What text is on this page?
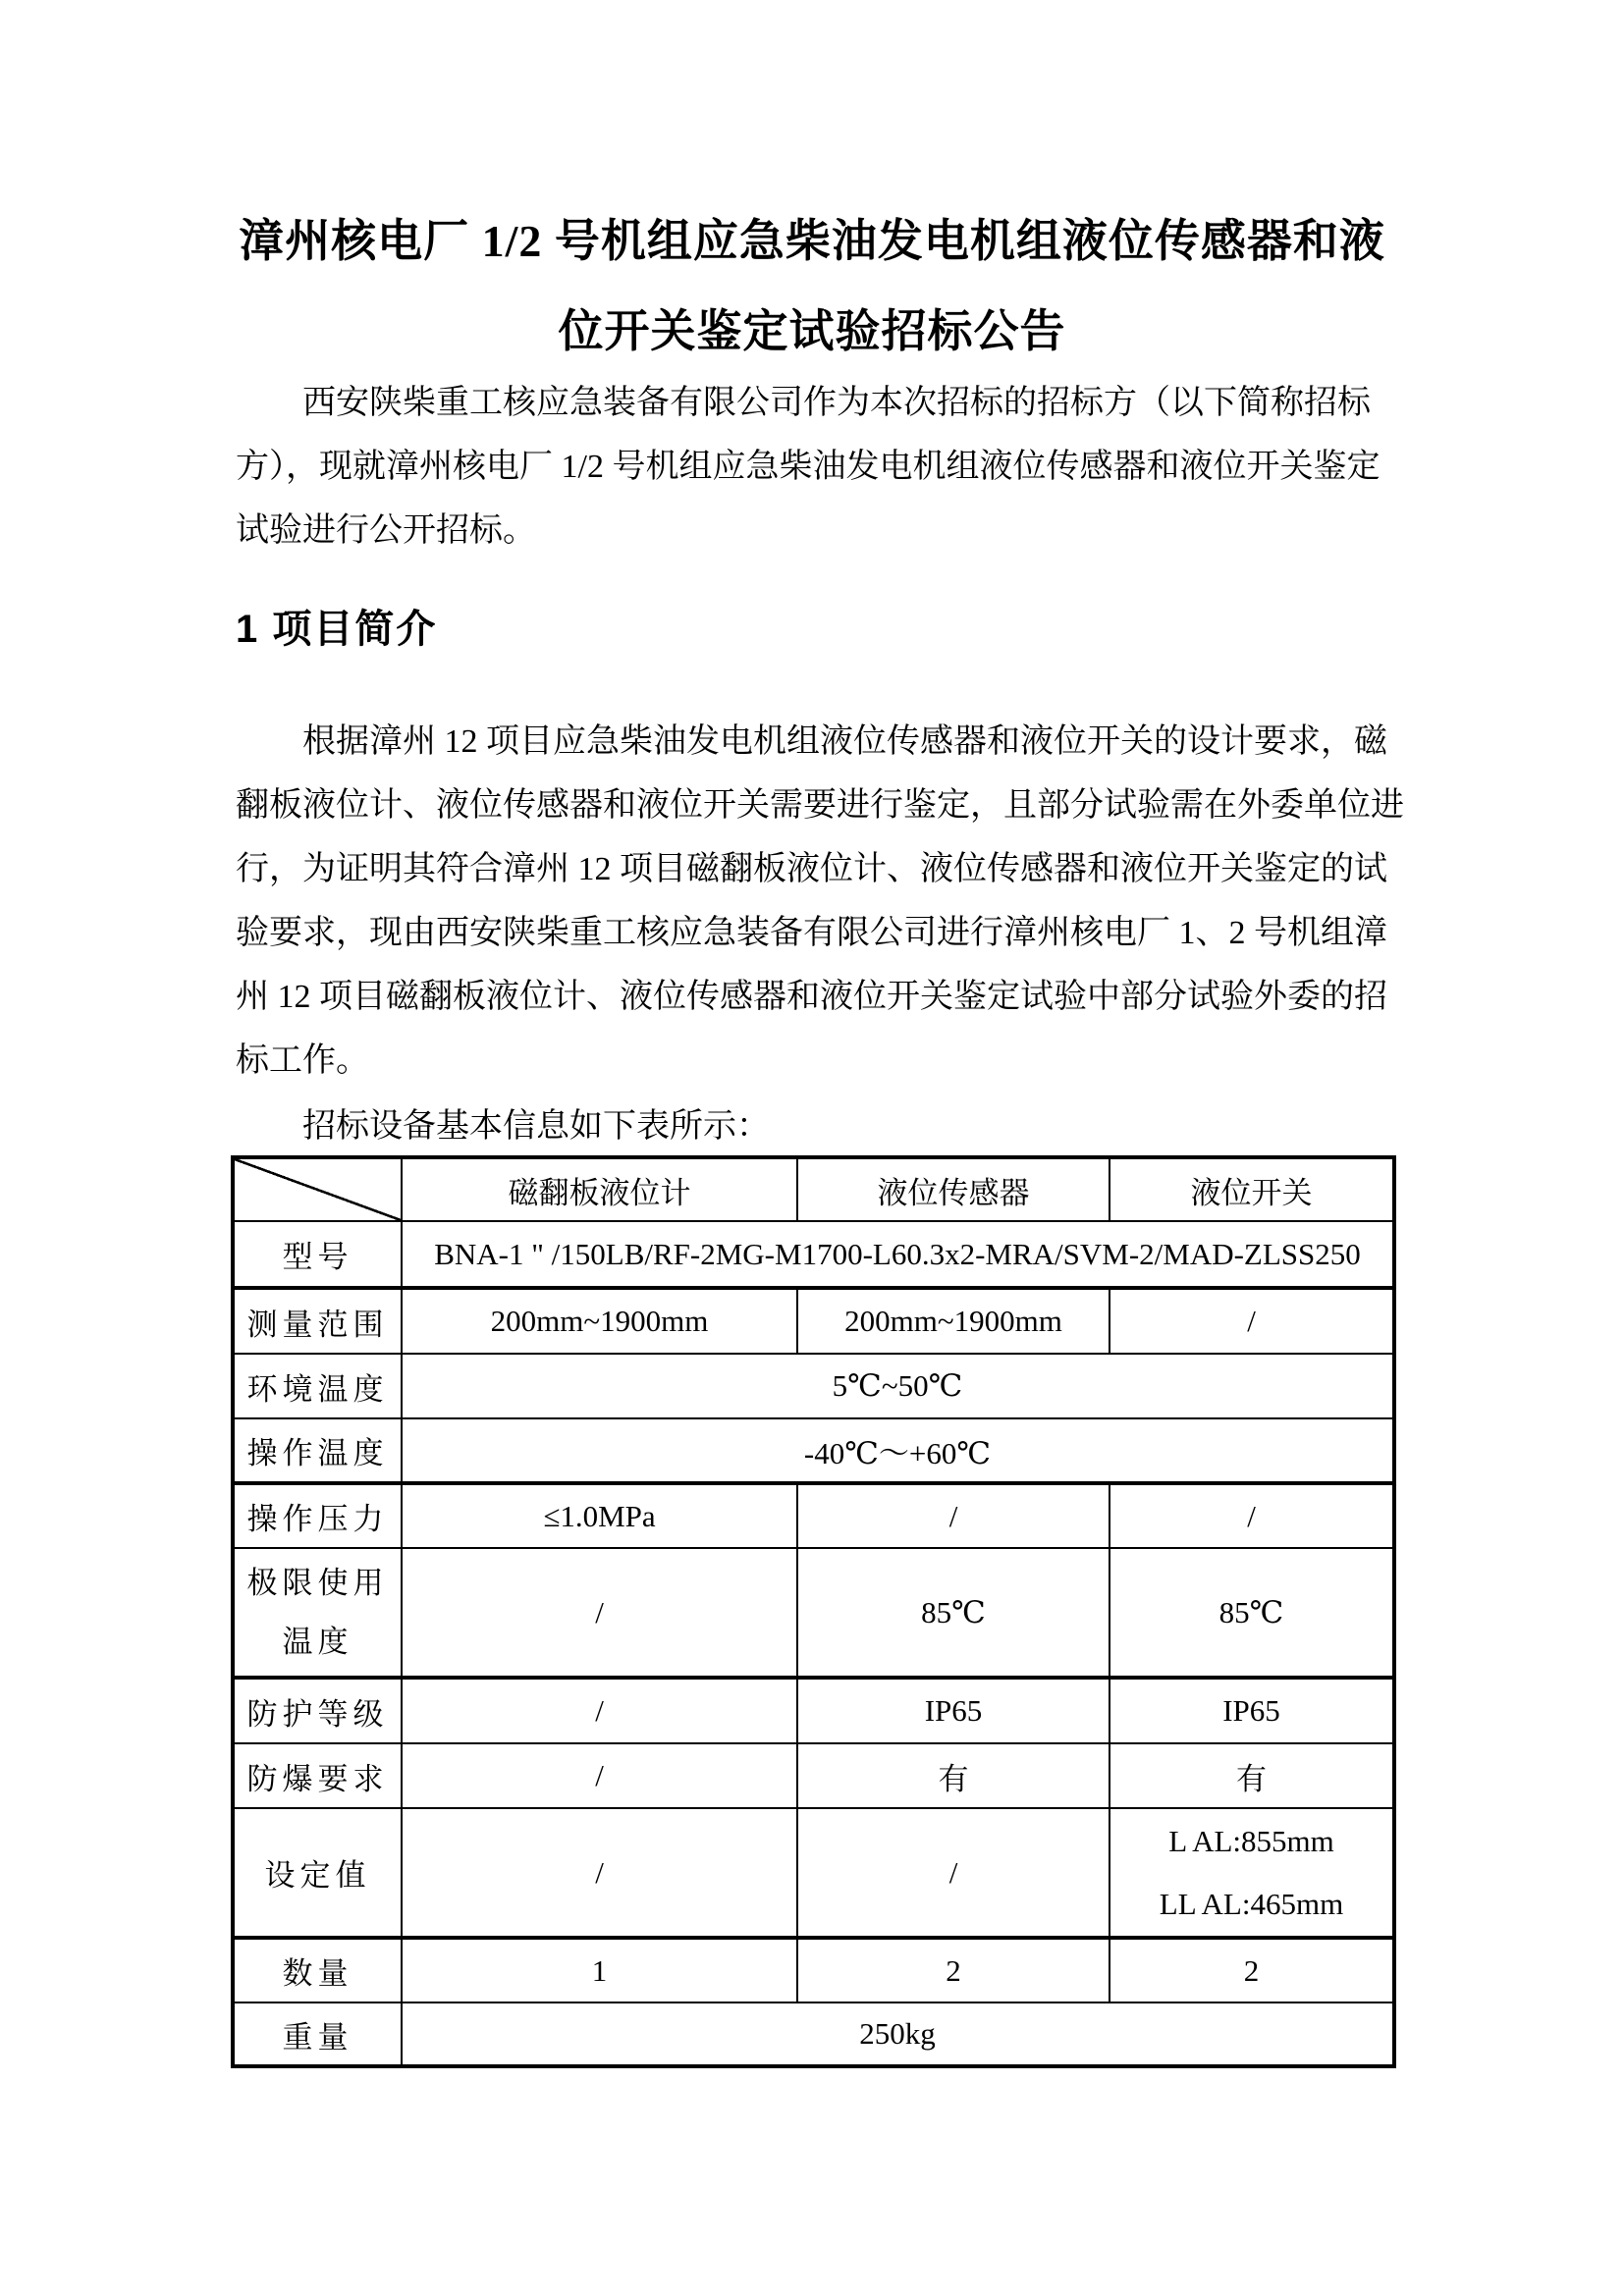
漳州核电厂 1/2 号机组应急柴油发电机组液位传感器和液
位开关鉴定试验招标公告
西安陕柴重工核应急装备有限公司作为本次招标的招标方（以下简称招标
方），现就漳州核电厂 1/2 号机组应急柴油发电机组液位传感器和液位开关鉴定
试验进行公开招标。
1 项目简介
根据漳州 12 项目应急柴油发电机组液位传感器和液位开关的设计要求，磁
翻板液位计、液位传感器和液位开关需要进行鉴定，且部分试验需在外委单位进
行，为证明其符合漳州 12 项目磁翻板液位计、液位传感器和液位开关鉴定的试
验要求，现由西安陕柴重工核应急装备有限公司进行漳州核电厂 1、2 号机组漳
州 12 项目磁翻板液位计、液位传感器和液位开关鉴定试验中部分试验外委的招
标工作。
招标设备基本信息如下表所示：
	磁翻板液位计	液位传感器	液位开关
型号	BNA-1 " /150LB/RF-2MG-M1700-L60.3x2-MRA/SVM-2/MAD-ZLSS250		
测量范围	200mm~1900mm	200mm~1900mm	/
环境温度	5℃~50℃		
操作温度	-40℃～+60℃		
操作压力	≤1.0MPa	/	/

极限使用
温度	/	85℃	85℃
防护等级	/	IP65	IP65
防爆要求	/	有	有
设定值	/	/	L AL:855mm
LL AL:465mm

数量	1	2	2
重量	250kg		
